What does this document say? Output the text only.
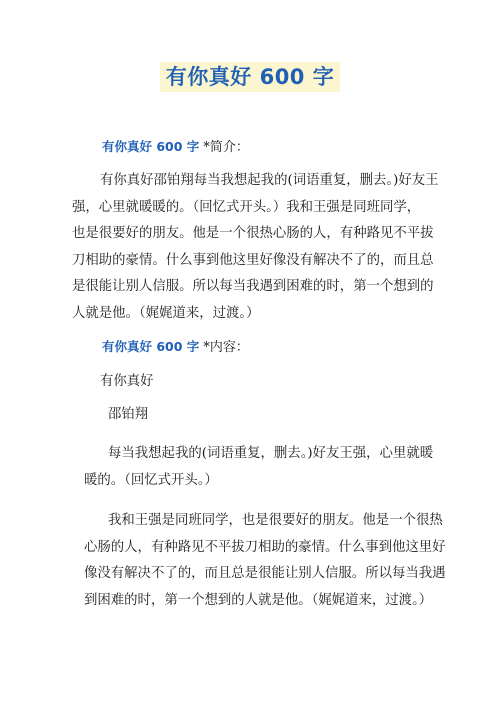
有你真好 600 字
有你真好 600 字 *简介：
有你真好邵铂翔每当我想起我的(词语重复，删去。)好友王
强，心里就暖暖的。（回忆式开头。）我和王强是同班同学，
也是很要好的朋友。他是一个很热心肠的人，有种路见不平拔
刀相助的豪情。什么事到他这里好像没有解决不了的，而且总
是很能让别人信服。所以每当我遇到困难的时，第一个想到的
人就是他。（娓娓道来，过渡。）
有你真好 600 字 *内容：
有你真好
邵铂翔
每当我想起我的(词语重复，删去。)好友王强，心里就暖
暖的。（回忆式开头。）
我和王强是同班同学，也是很要好的朋友。他是一个很热
心肠的人，有种路见不平拔刀相助的豪情。什么事到他这里好
像没有解决不了的，而且总是很能让别人信服。所以每当我遇
到困难的时，第一个想到的人就是他。（娓娓道来，过渡。）
